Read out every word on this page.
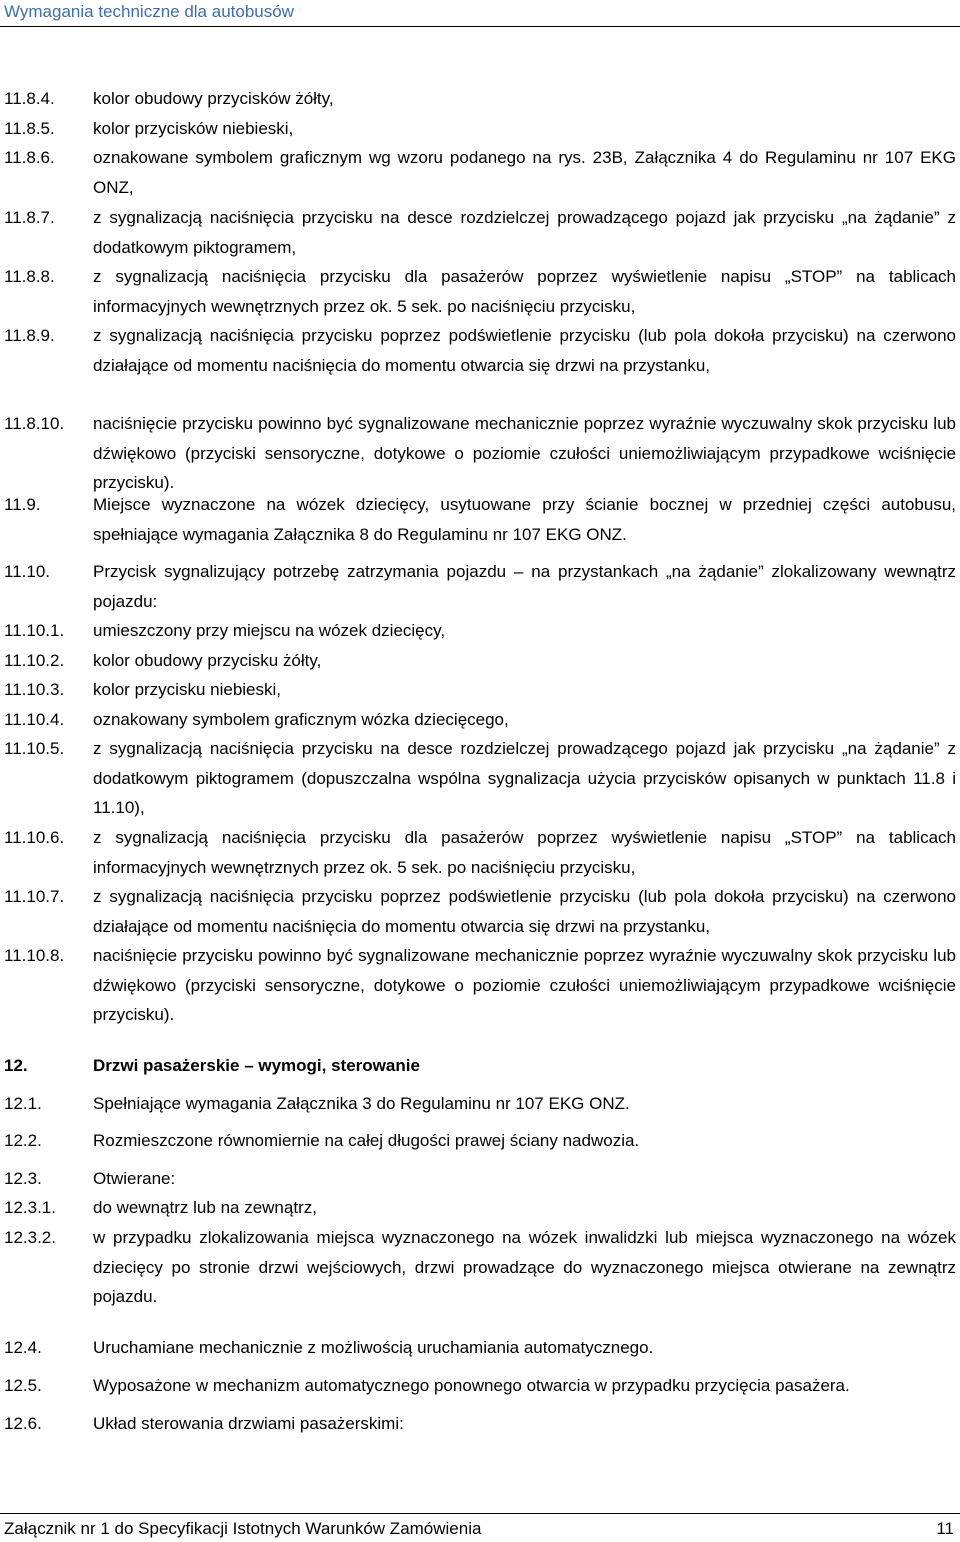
Wymagania techniczne dla autobusów
11.8.4. kolor obudowy przycisków żółty,
11.8.5. kolor przycisków niebieski,
11.8.6. oznakowane symbolem graficznym wg wzoru podanego na rys. 23B, Załącznika 4 do Regulaminu nr 107 EKG ONZ,
11.8.7. z sygnalizacją naciśnięcia przycisku na desce rozdzielczej prowadzącego pojazd jak przycisku „na żądanie” z dodatkowym piktogramem,
11.8.8. z sygnalizacją naciśnięcia przycisku dla pasażerów poprzez wyświetlenie napisu „STOP” na tablicach informacyjnych wewnętrznych przez ok. 5 sek. po naciśnięciu przycisku,
11.8.9. z sygnalizacją naciśnięcia przycisku poprzez podświetlenie przycisku (lub pola dokoła przycisku) na czerwono działające od momentu naciśnięcia do momentu otwarcia się drzwi na przystanku,
11.8.10. naciśnięcie przycisku powinno być sygnalizowane mechanicznie poprzez wyraźnie wyczuwalny skok przycisku lub dźwiękowo (przyciski sensoryczne, dotykowe o poziomie czułości uniemożliwiającym przypadkowe wciśnięcie przycisku).
11.9.	Miejsce wyznaczone na wózek dziecięcy, usytuowane przy ścianie bocznej w przedniej części autobusu, spełniające wymagania Załącznika 8 do Regulaminu nr 107 EKG ONZ.
11.10.	Przycisk sygnalizujący potrzebę zatrzymania pojazdu – na przystankach „na żądanie” zlokalizowany wewnątrz pojazdu:
11.10.1. umieszczony przy miejscu na wózek dziecięcy,
11.10.2. kolor obudowy przycisku żółty,
11.10.3. kolor przycisku niebieski,
11.10.4. oznakowany symbolem graficznym wózka dziecięcego,
11.10.5. z sygnalizacją naciśnięcia przycisku na desce rozdzielczej prowadzącego pojazd jak przycisku „na żądanie” z dodatkowym piktogramem (dopuszczalna wspólna sygnalizacja użycia przycisków opisanych w punktach 11.8 i 11.10),
11.10.6. z sygnalizacją naciśnięcia przycisku dla pasażerów poprzez wyświetlenie napisu „STOP” na tablicach informacyjnych wewnętrznych przez ok. 5 sek. po naciśnięciu przycisku,
11.10.7. z sygnalizacją naciśnięcia przycisku poprzez podświetlenie przycisku (lub pola dokoła przycisku) na czerwono działające od momentu naciśnięcia do momentu otwarcia się drzwi na przystanku,
11.10.8. naciśnięcie przycisku powinno być sygnalizowane mechanicznie poprzez wyraźnie wyczuwalny skok przycisku lub dźwiękowo (przyciski sensoryczne, dotykowe o poziomie czułości uniemożliwiającym przypadkowe wciśnięcie przycisku).
12.	Drzwi pasażerskie – wymogi, sterowanie
12.1.	Spełniające wymagania Załącznika 3 do Regulaminu nr 107 EKG ONZ.
12.2.	Rozmieszczone równomiernie na całej długości prawej ściany nadwozia.
12.3.	Otwierane:
12.3.1. do wewnątrz lub na zewnątrz,
12.3.2. w przypadku zlokalizowania miejsca wyznaczonego na wózek inwalidzki lub miejsca wyznaczonego na wózek dziecięcy po stronie drzwi wejściowych, drzwi prowadzące do wyznaczonego miejsca otwierane na zewnątrz pojazdu.
12.4.	Uruchamiane mechanicznie z możliwością uruchamiania automatycznego.
12.5.	Wyposażone w mechanizm automatycznego ponownego otwarcia w przypadku przycięcia pasażera.
12.6.	Układ sterowania drzwiami pasażerskimi:
Załącznik nr 1 do Specyfikacji Istotnych Warunków Zamówienia	11
